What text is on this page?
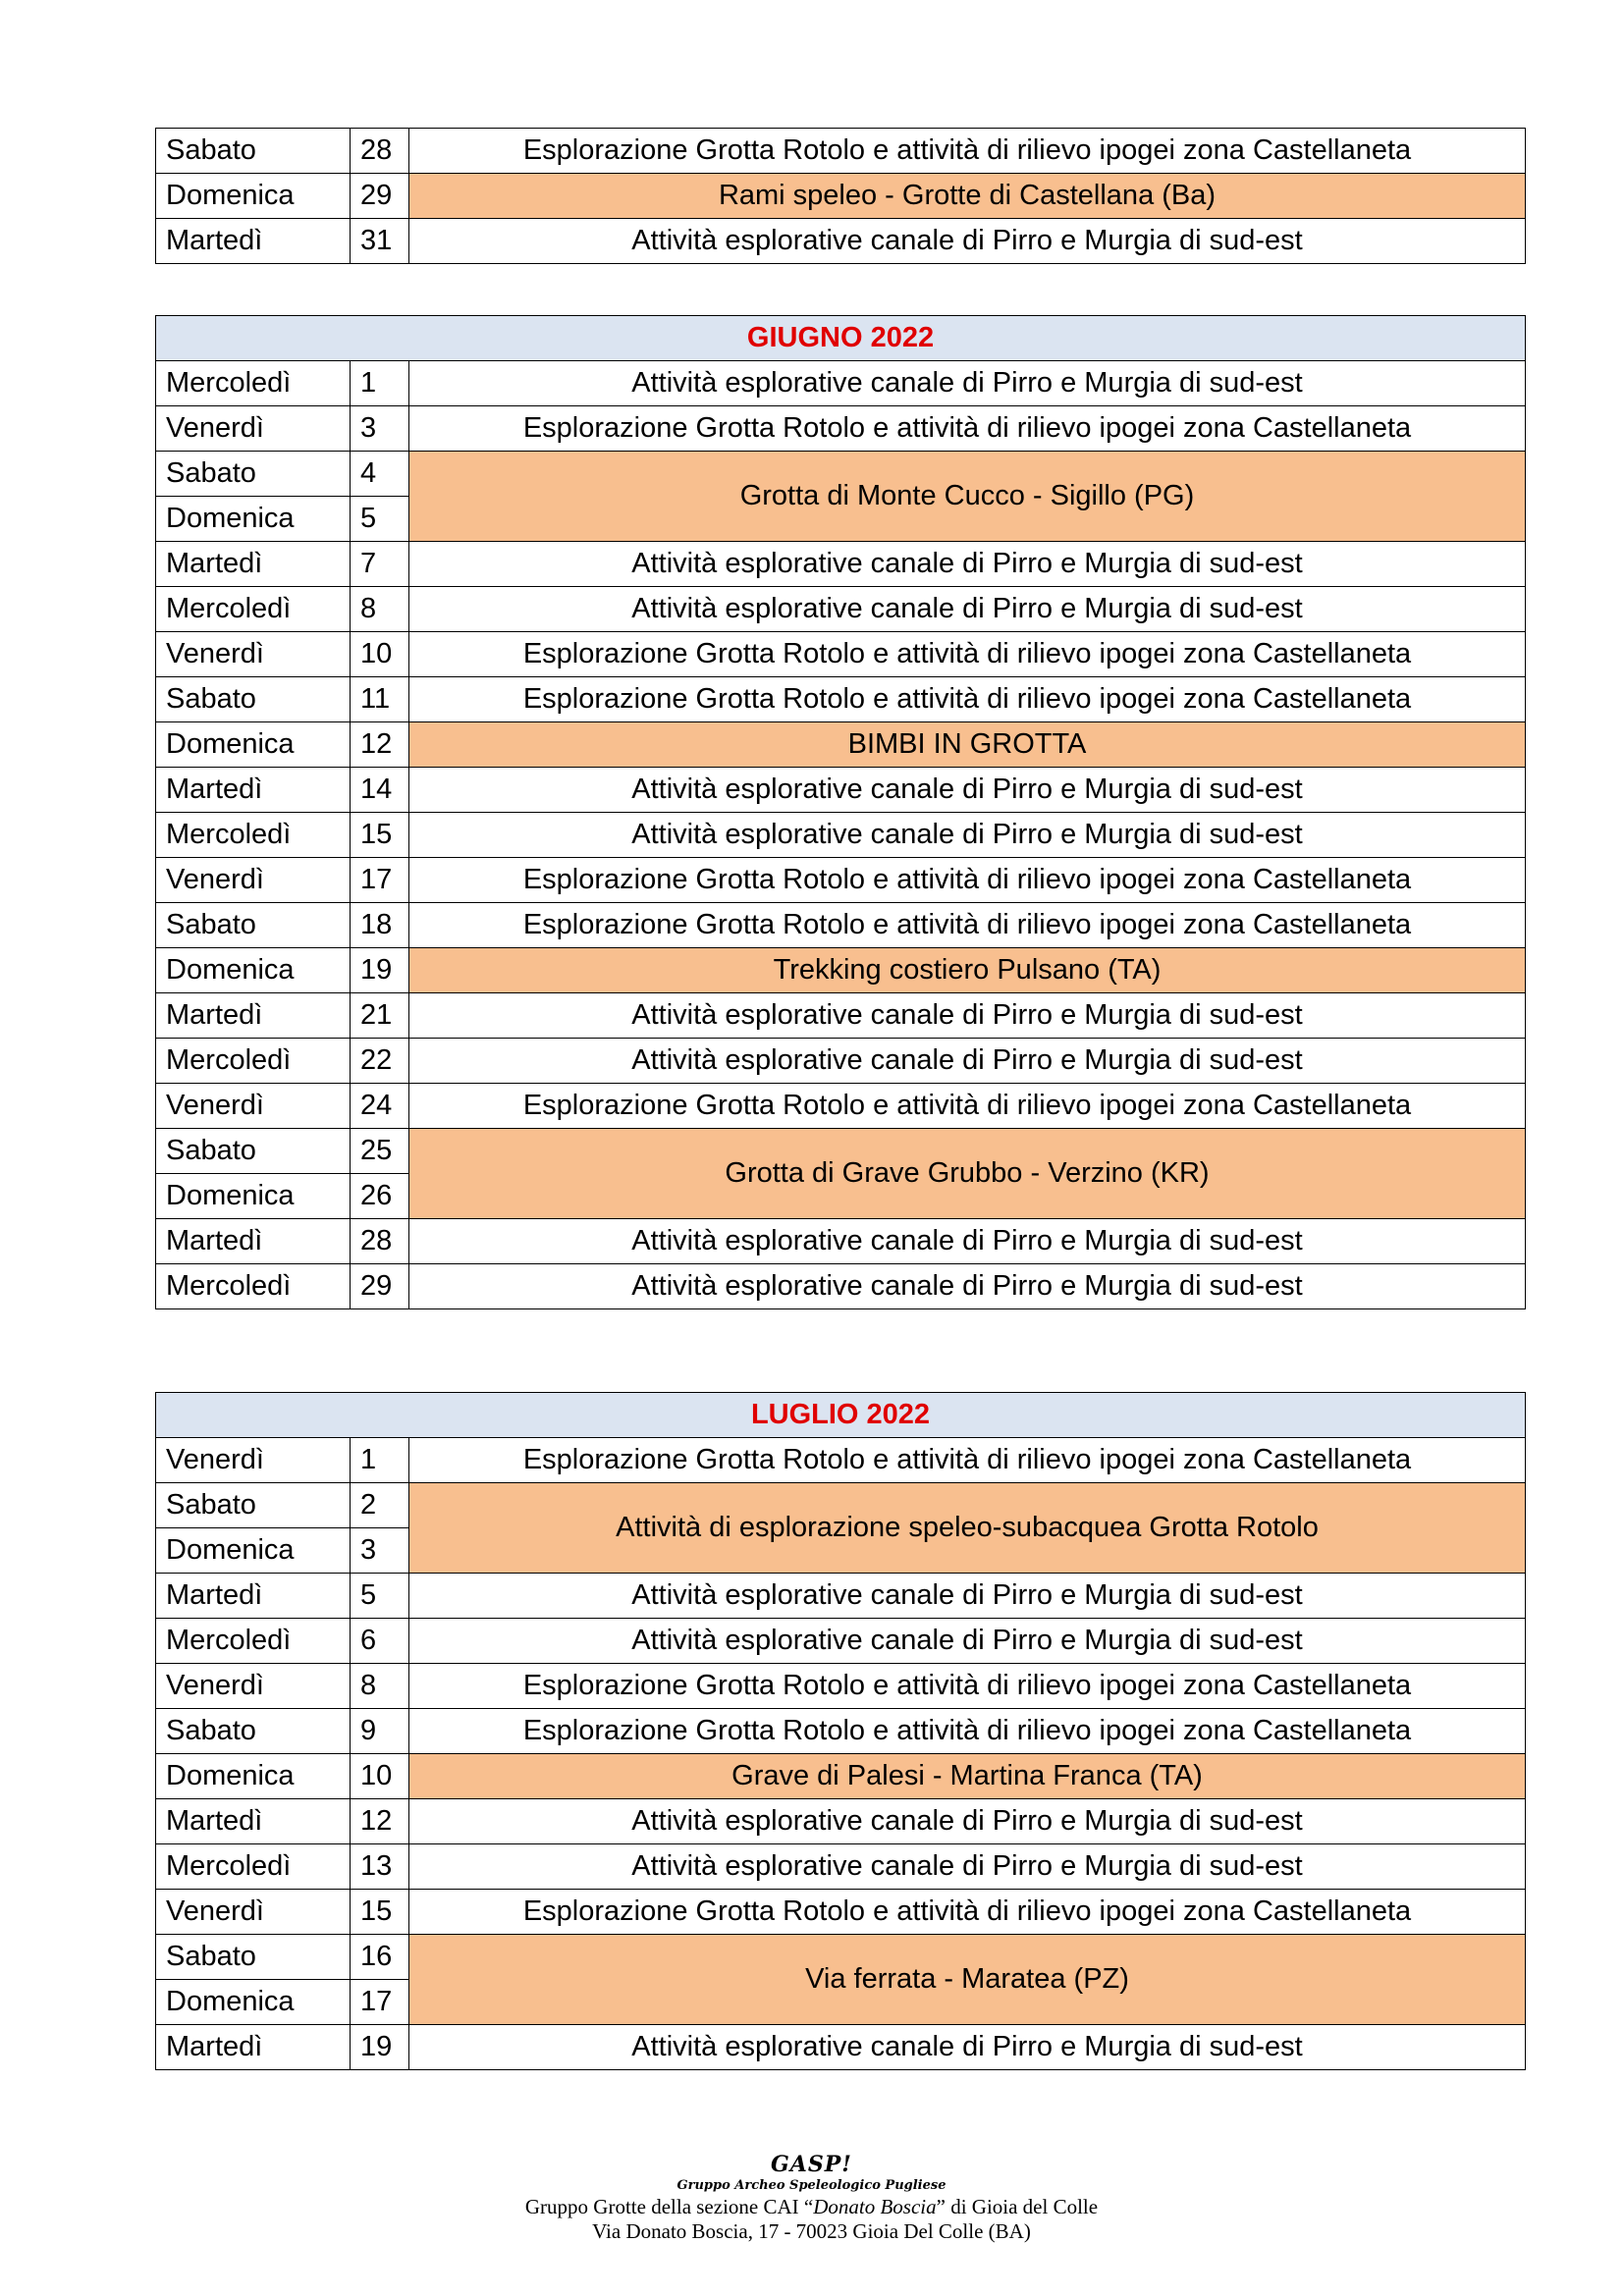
Sabato	28	Esplorazione Grotta Rotolo e attività di rilievo ipogei zona Castellaneta
Domenica	29	Rami speleo - Grotte di Castellana (Ba)
Martedì	31	Attività esplorative canale di Pirro e Murgia di sud-est
GIUGNO 2022		
Mercoledì	1	Attività esplorative canale di Pirro e Murgia di sud-est
Venerdì	3	Esplorazione Grotta Rotolo e attività di rilievo ipogei zona Castellaneta
Sabato	4	Grotta di Monte Cucco - Sigillo (PG)
Domenica	5	
Martedì	7	Attività esplorative canale di Pirro e Murgia di sud-est
Mercoledì	8	Attività esplorative canale di Pirro e Murgia di sud-est
Venerdì	10	Esplorazione Grotta Rotolo e attività di rilievo ipogei zona Castellaneta
Sabato	11	Esplorazione Grotta Rotolo e attività di rilievo ipogei zona Castellaneta
Domenica	12	BIMBI IN GROTTA
Martedì	14	Attività esplorative canale di Pirro e Murgia di sud-est
Mercoledì	15	Attività esplorative canale di Pirro e Murgia di sud-est
Venerdì	17	Esplorazione Grotta Rotolo e attività di rilievo ipogei zona Castellaneta
Sabato	18	Esplorazione Grotta Rotolo e attività di rilievo ipogei zona Castellaneta
Domenica	19	Trekking costiero Pulsano (TA)
Martedì	21	Attività esplorative canale di Pirro e Murgia di sud-est
Mercoledì	22	Attività esplorative canale di Pirro e Murgia di sud-est
Venerdì	24	Esplorazione Grotta Rotolo e attività di rilievo ipogei zona Castellaneta
Sabato	25	Grotta di Grave Grubbo - Verzino (KR)
Domenica	26	
Martedì	28	Attività esplorative canale di Pirro e Murgia di sud-est
Mercoledì	29	Attività esplorative canale di Pirro e Murgia di sud-est
LUGLIO 2022		
Venerdì	1	Esplorazione Grotta Rotolo e attività di rilievo ipogei zona Castellaneta
Sabato	2	Attività di esplorazione speleo-subacquea Grotta Rotolo
Domenica	3	
Martedì	5	Attività esplorative canale di Pirro e Murgia di sud-est
Mercoledì	6	Attività esplorative canale di Pirro e Murgia di sud-est
Venerdì	8	Esplorazione Grotta Rotolo e attività di rilievo ipogei zona Castellaneta
Sabato	9	Esplorazione Grotta Rotolo e attività di rilievo ipogei zona Castellaneta
Domenica	10	Grave di Palesi - Martina Franca (TA)
Martedì	12	Attività esplorative canale di Pirro e Murgia di sud-est
Mercoledì	13	Attività esplorative canale di Pirro e Murgia di sud-est
Venerdì	15	Esplorazione Grotta Rotolo e attività di rilievo ipogei zona Castellaneta
Sabato	16	Via ferrata - Maratea (PZ)
Domenica	17	
Martedì	19	Attività esplorative canale di Pirro e Murgia di sud-est
GASP!
Gruppo Archeo Speleologico Pugliese
Gruppo Grotte della sezione CAI “Donato Boscia” di Gioia del Colle
Via Donato Boscia, 17 - 70023 Gioia Del Colle (BA)
